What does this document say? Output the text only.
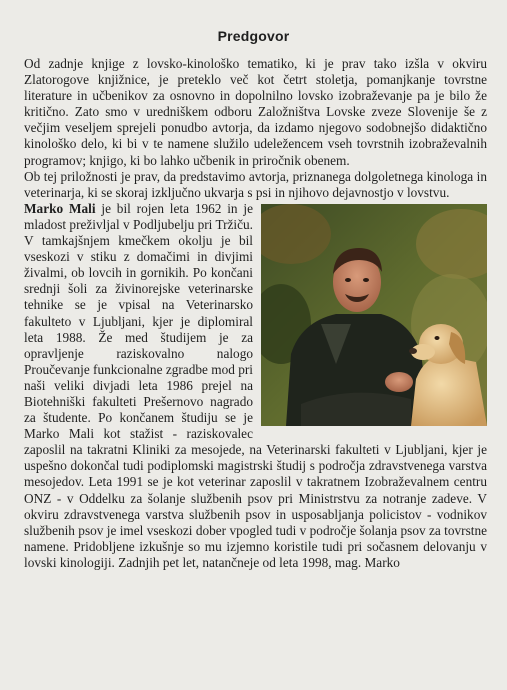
Predgovor

Od zadnje knjige z lovsko-kinološko tematiko, ki je prav tako izšla v okviru Zlatorogove knjižnice, je preteklo več kot četrt stoletja, pomanjkanje tovrstne literature in učbenikov za osnovno in dopolnilno lovsko izobraževanje pa je bilo že kritično. Zato smo v uredniškem odboru Založništva Lovske zveze Slovenije še z večjim veseljem sprejeli ponudbo avtorja, da izdamo njegovo sodobnejšo didaktično kinološko delo, ki bi v te namene služilo udeležencem vseh tovrstnih izobraževalnih programov; knjigo, ki bo lahko učbenik in priročnik obenem.

Ob tej priložnosti je prav, da predstavimo avtorja, priznanega dolgoletnega kinologa in veterinarja, ki se skoraj izključno ukvarja s psi in njihovo dejavnostjo v lovstvu.

Marko Mali je bil rojen leta 1962 in je mladost preživljal v Podljubelju pri Tržiču. V tamkajšnjem kmečkem okolju je bil vseskozi v stiku z domačimi in divjimi živalmi, ob lovcih in gornikih. Po končani srednji šoli za živinorejske veterinarske tehnike se je vpisal na Veterinarsko fakulteto v Ljubljani, kjer je diplomiral leta 1988. Že med študijem je za opravljenje raziskovalno nalogo Proučevanje funkcionalne zgradbe mod pri naši veliki divjadi leta 1986 prejel na Biotehniški fakulteti Prešernovo nagrado za študente. Po končanem študiju se je Marko Mali kot stažist - raziskovalec zaposlil na takratni Kliniki za mesojede, na Veterinarski fakulteti v Ljubljani, kjer je uspešno dokončal tudi podiplomski magistrski študij s področja zdravstvenega varstva mesojedov. Leta 1991 se je kot veterinar zaposlil v takratnem Izobraževalnem centru ONZ - v Oddelku za šolanje službenih psov pri Ministrstvu za notranje zadeve. V okviru zdravstvenega varstva službenih psov in usposabljanja policistov - vodnikov službenih psov je imel vseskozi dober vpogled tudi v področje šolanja psov za tovrstne namene. Pridobljene izkušnje so mu izjemno koristile tudi pri sočasnem delovanju v lovski kinologiji. Zadnjih pet let, natančneje od leta 1998, mag. Marko
